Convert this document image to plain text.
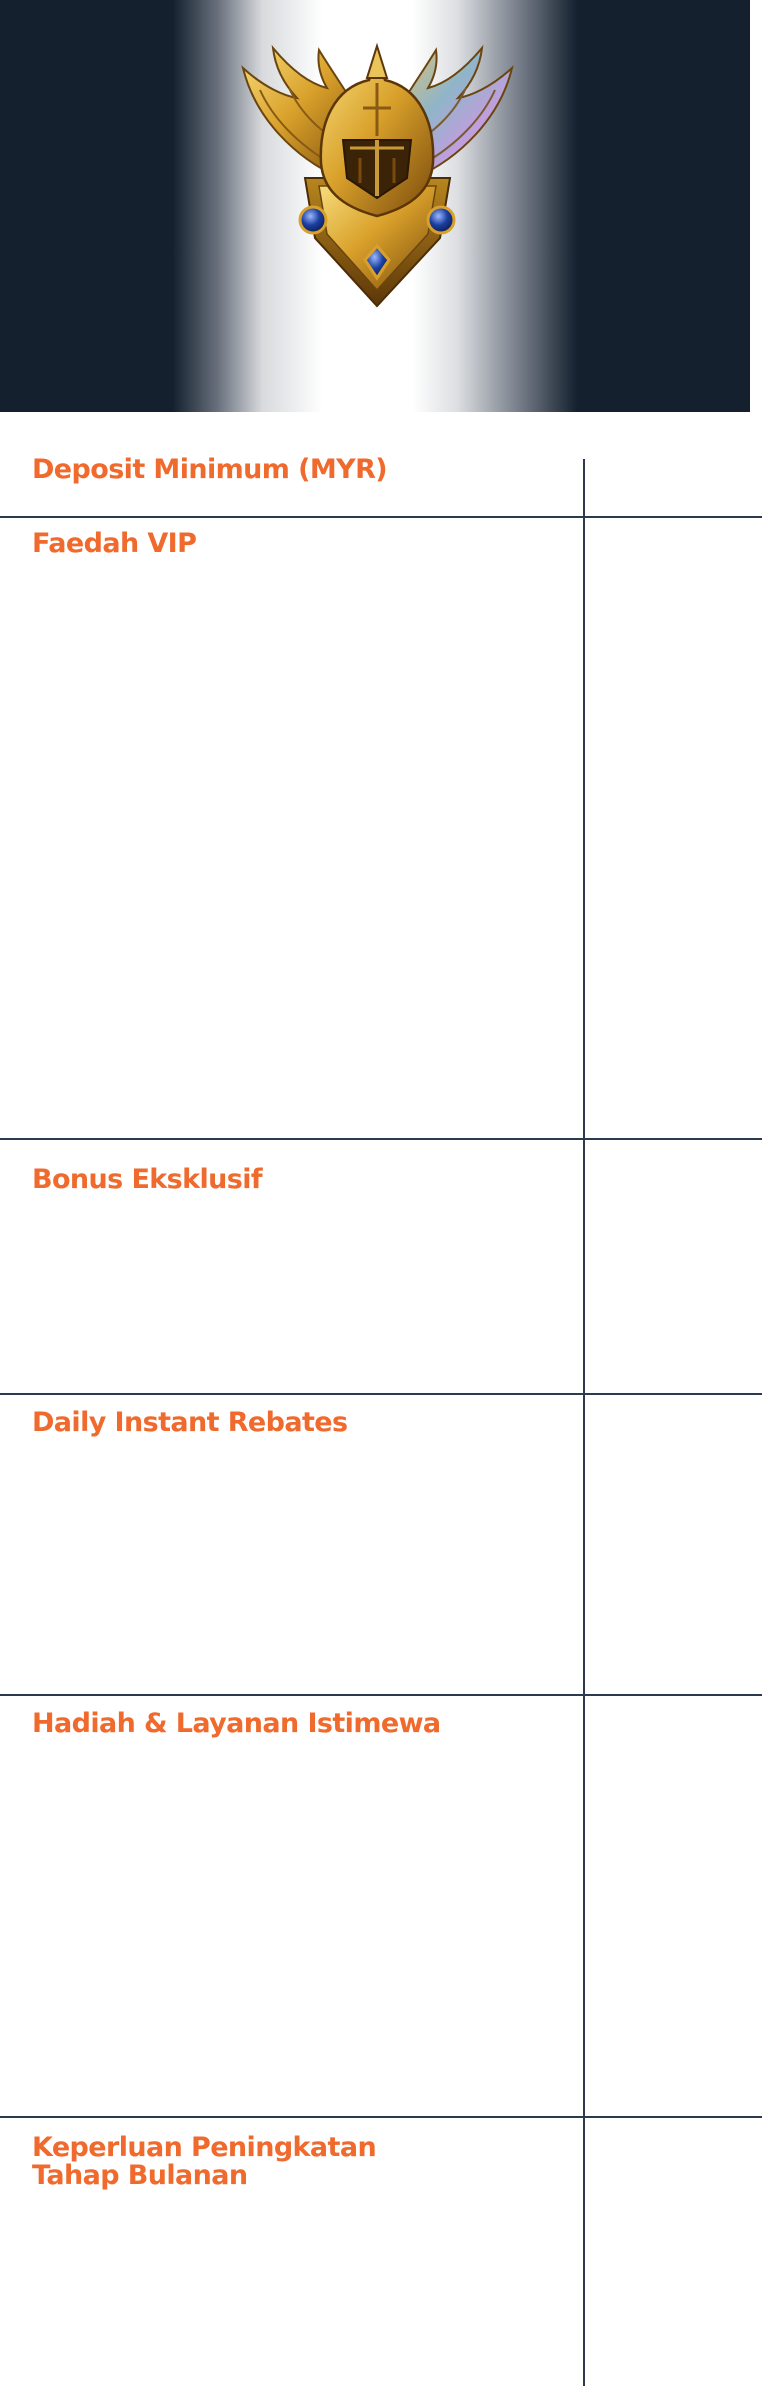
Deposit Minimum (MYR)
Faedah VIP
Bonus Eksklusif
Daily Instant Rebates
Hadiah & Layanan Istimewa
Keperluan Peningkatan Tahap Bulanan
